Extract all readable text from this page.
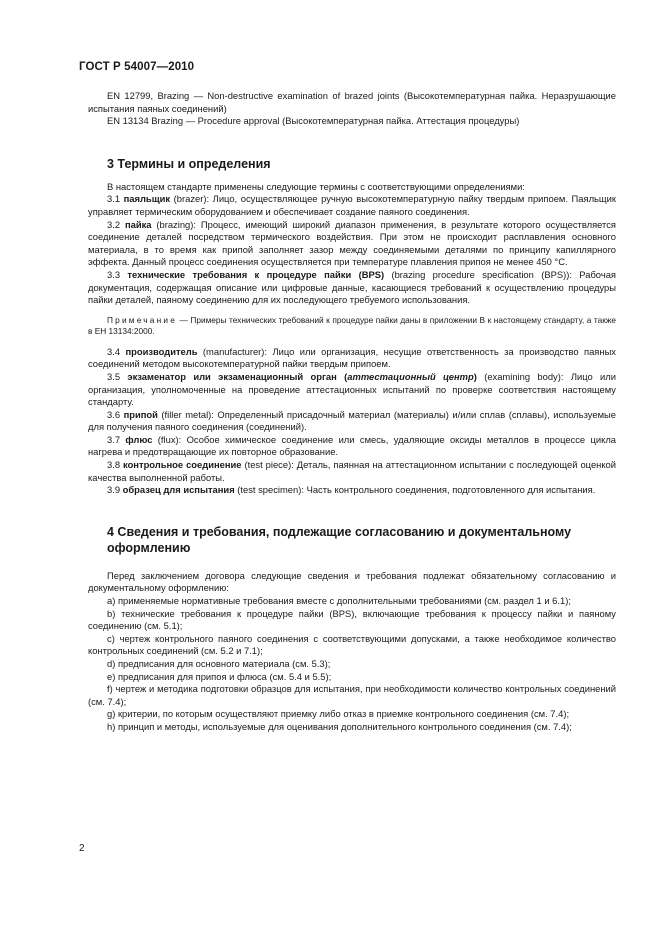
ГОСТ Р 54007—2010

EN 12799, Brazing — Non-destructive examination of brazed joints (Высокотемпературная пайка. Неразрушающие испытания паяных соединений)

EN 13134 Brazing — Procedure approval (Высокотемпературная пайка. Аттестация процедуры)

3 Термины и определения

В настоящем стандарте применены следующие термины с соответствующими определениями:

3.1 паяльщик (brazer): Лицо, осуществляющее ручную высокотемпературную пайку твердым припоем. Паяльщик управляет термическим оборудованием и обеспечивает создание паяного соединения.

3.2 пайка (brazing): Процесс, имеющий широкий диапазон применения, в результате которого осуществляется соединение деталей посредством термического воздействия. При этом не происходит расплавления основного материала, в то время как припой заполняет зазор между соединяемыми деталями по принципу капиллярного эффекта. Данный процесс соединения осуществляется при температуре плавления припоя не менее 450 °С.

3.3 технические требования к процедуре пайки (BPS) (brazing procedure specification (BPS)): Рабочая документация, содержащая описание или цифровые данные, касающиеся требований к осуществлению процедуры пайки деталей, паяному соединению для их последующего требуемого использования.

Примечание — Примеры технических требований к процедуре пайки даны в приложении В к настоящему стандарту, а также в ЕН 13134:2000.

3.4 производитель (manufacturer): Лицо или организация, несущие ответственность за производство паяных соединений методом высокотемпературной пайки твердым припоем.

3.5 экзаменатор или экзаменационный орган (аттестационный центр) (examining body): Лицо или организация, уполномоченные на проведение аттестационных испытаний по проверке соответствия настоящему стандарту.

3.6 припой (filler metal): Определенный присадочный материал (материалы) и/или сплав (сплавы), используемые для получения паяного соединения (соединений).

3.7 флюс (flux): Особое химическое соединение или смесь, удаляющие оксиды металлов в процессе цикла нагрева и предотвращающие их повторное образование.

3.8 контрольное соединение (test piece): Деталь, паянная на аттестационном испытании с последующей оценкой качества выполненной работы.

3.9 образец для испытания (test specimen): Часть контрольного соединения, подготовленного для испытания.

4 Сведения и требования, подлежащие согласованию и документальному оформлению

Перед заключением договора следующие сведения и требования подлежат обязательному согласованию и документальному оформлению:

a) применяемые нормативные требования вместе с дополнительными требованиями (см. раздел 1 и 6.1);

b) технические требования к процедуре пайки (BPS), включающие требования к процессу пайки и паяному соединению (см. 5.1);

c) чертеж контрольного паяного соединения с соответствующими допусками, а также необходимое количество контрольных соединений (см. 5.2 и 7.1);

d) предписания для основного материала (см. 5.3);

e) предписания для припоя и флюса (см. 5.4 и 5.5);

f) чертеж и методика подготовки образцов для испытания, при необходимости количество контрольных соединений (см. 7.4);

g) критерии, по которым осуществляют приемку либо отказ в приемке контрольного соединения (см. 7.4);

h) принцип и методы, используемые для оценивания дополнительного контрольного соединения (см. 7.4);

2
